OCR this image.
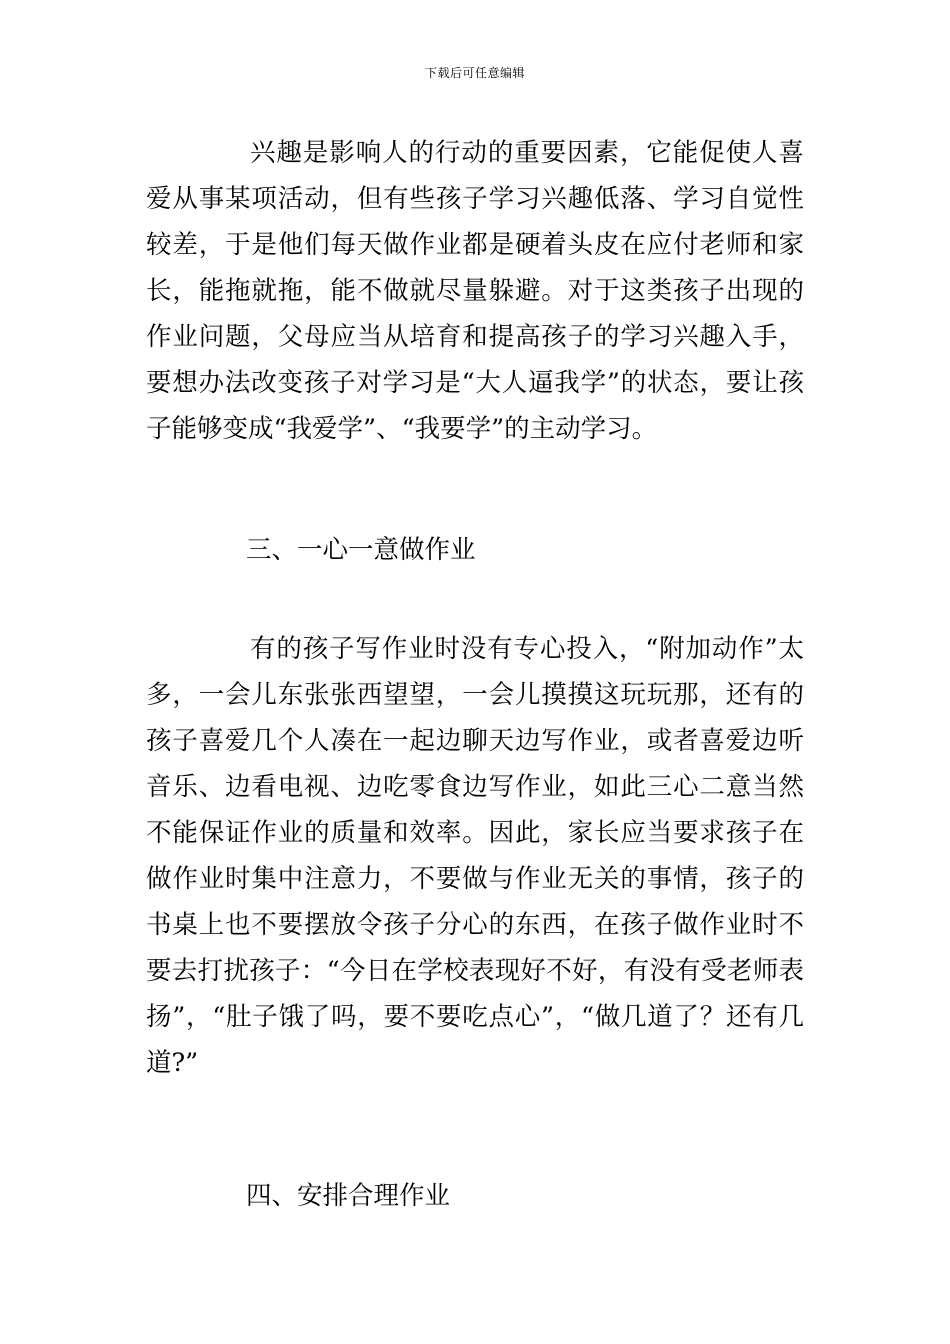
下载后可任意编辑

兴趣是影响人的行动的重要因素，它能促使人喜爱从事某项活动，但有些孩子学习兴趣低落、学习自觉性较差，于是他们每天做作业都是硬着头皮在应付老师和家长，能拖就拖，能不做就尽量躲避。对于这类孩子出现的作业问题，父母应当从培育和提高孩子的学习兴趣入手，要想办法改变孩子对学习是“大人逼我学”的状态，要让孩子能够变成“我爱学”、“我要学”的主动学习。

三、一心一意做作业

有的孩子写作业时没有专心投入，“附加动作”太多，一会儿东张张西望望，一会儿摸摸这玩玩那，还有的孩子喜爱几个人凑在一起边聊天边写作业，或者喜爱边听音乐、边看电视、边吃零食边写作业，如此三心二意当然不能保证作业的质量和效率。因此，家长应当要求孩子在做作业时集中注意力，不要做与作业无关的事情，孩子的书桌上也不要摆放令孩子分心的东西，在孩子做作业时不要去打扰孩子：“今日在学校表现好不好，有没有受老师表扬”，“肚子饿了吗，要不要吃点心”，“做几道了？还有几道?”

四、安排合理作业
